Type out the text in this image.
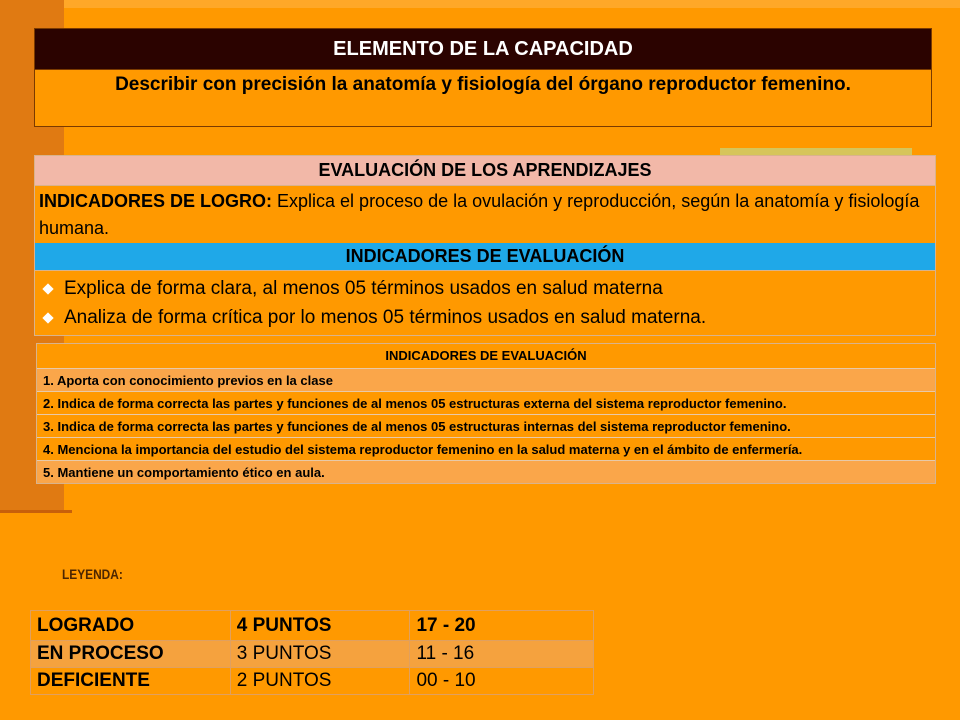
ELEMENTO DE LA CAPACIDAD
Describir con precisión la anatomía y fisiología del órgano reproductor femenino.
EVALUACIÓN DE LOS APRENDIZAJES
INDICADORES DE LOGRO: Explica el proceso de la ovulación y reproducción, según la anatomía y fisiología humana.
INDICADORES DE EVALUACIÓN
Explica de forma clara, al menos 05 términos usados en salud materna
Analiza de forma crítica por lo menos 05 términos usados en salud materna.
INDICADORES DE EVALUACIÓN
1. Aporta con conocimiento previos en la clase
2. Indica de forma correcta las partes y funciones de al menos 05 estructuras externa del sistema reproductor femenino.
3. Indica de forma correcta las partes y funciones de al menos 05 estructuras internas del sistema reproductor femenino.
4. Menciona la importancia del estudio del sistema reproductor femenino en la salud materna y en el ámbito de enfermería.
5. Mantiene un comportamiento ético en aula.
LEYENDA:
LOGRADO	4 PUNTOS	17 - 20
EN PROCESO	3 PUNTOS	11 - 16
DEFICIENTE	2 PUNTOS	00 - 10
